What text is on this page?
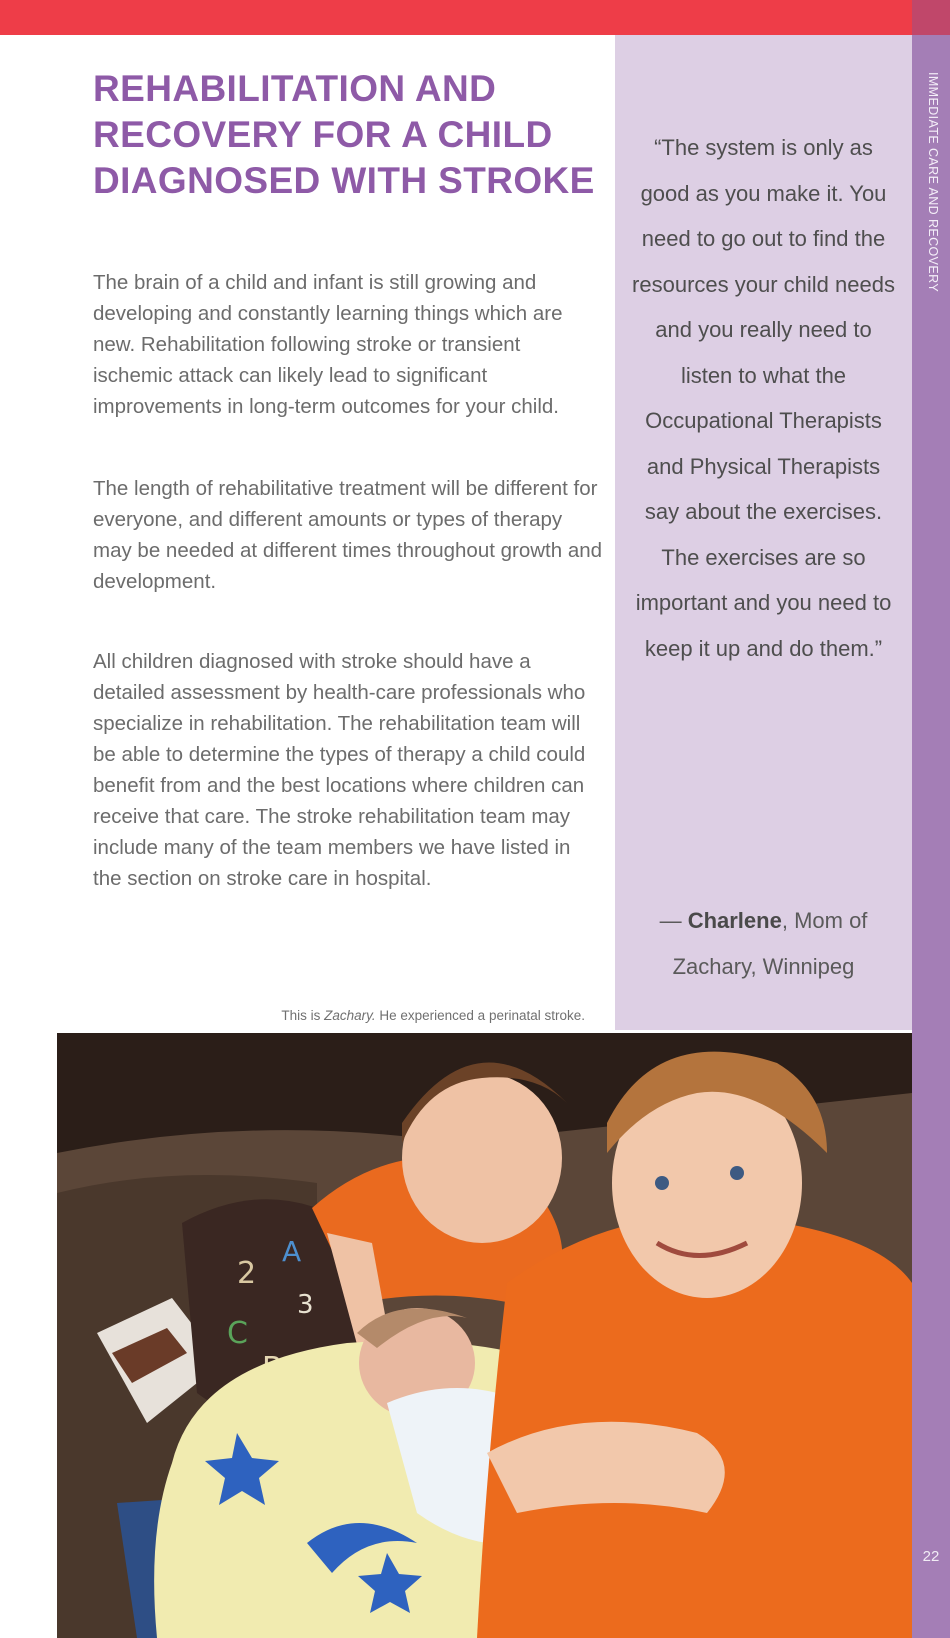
IMMEDIATE CARE AND RECOVERY
22
REHABILITATION AND RECOVERY FOR A CHILD DIAGNOSED WITH STROKE

The brain of a child and infant is still growing and developing and constantly learning things which are new. Rehabilitation following stroke or transient ischemic attack can likely lead to significant improvements in long-term outcomes for your child.

The length of rehabilitative treatment will be different for everyone, and different amounts or types of therapy may be needed at different times throughout growth and development.

All children diagnosed with stroke should have a detailed assessment by health-care professionals who specialize in rehabilitation. The rehabilitation team will be able to determine the types of therapy a child could benefit from and the best locations where children can receive that care. The stroke rehabilitation team may include many of the team members we have listed in the section on stroke care in hospital.

“The system is only as good as you make it. You need to go out to find the resources your child needs and you really need to listen to what the Occupational Therapists and Physical Therapists say about the exercises. The exercises are so important and you need to keep it up and do them.”
— Charlene, Mom of Zachary, Winnipeg
This is Zachary. He experienced a perinatal stroke.
2
A
3
C
